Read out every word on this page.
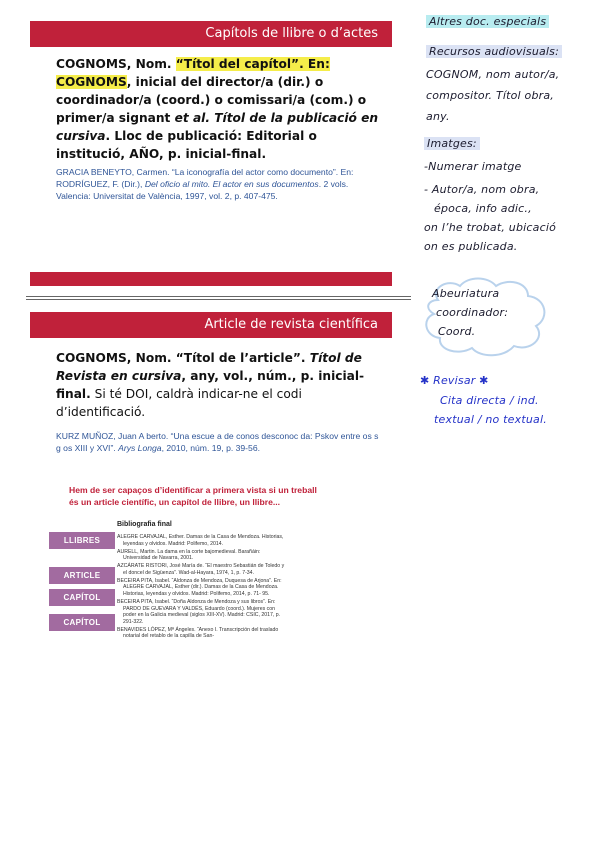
Capítols de llibre o d’actes
COGNOMS, Nom. “Títol del capítol”. En: COGNOMS, inicial del director/a (dir.) o coordinador/a (coord.) o comissari/a (com.) o primer/a signant et al. Títol de la publicació en cursiva. Lloc de publicació: Editorial o institució, AÑO, p. inicial-final.
GRACIA BENEYTO, Carmen. “La iconografía del actor como documento”. En: RODRÍGUEZ, F. (Dir.), Del oficio al mito. El actor en sus documentos. 2 vols. Valencia: Universitat de València, 1997, vol. 2, p. 407-475.
Article de revista científica
COGNOMS, Nom. “Títol de l’article”. Títol de Revista en cursiva, any, vol., núm., p. inicial-final. Si té DOI, caldrà indicar-ne el codi d’identificació.
KURZ MUÑOZ, Juan A berto. “Una escue a de conos desconoc da: Pskov entre os s g os XIII y XVI”. Arys Longa, 2010, núm. 19, p. 39-56.
Hem de ser capaços d’identificar a primera vista si un treball
és un article científic, un capítol de llibre, un llibre...
LLIBRES
ARTICLE
CAPÍTOL
CAPÍTOL
Bibliografia final

ALEGRE CARVAJAL, Esther. Damas de la Casa de Mendoza. Historias, leyendas y olvidos. Madrid: Polifemo, 2014.

AURELL, Martin. La dama en la corte bajomedieval. Barañáin: Universidad de Navarra, 2001.

AZCÁRATE RISTORI, José María de. “El maestro Sebastián de Toledo y el doncel de Sigüenza”. Wad-al-Hayara, 1974, 1, p. 7-34.

BECEIRA PITA, Isabel. “Aldonza de Mendoza, Duquesa de Arjona”. En: ALEGRE CARVAJAL, Esther (dir.). Damas de la Casa de Mendoza. Historias, leyendas y olvidos. Madrid: Polifemo, 2014, p. 71- 95.

BECEIRA PITA, Isabel. “Doña Aldonza de Mendoza y sus libros”. En: PARDO DE GUEVARA Y VALDÉS, Eduardo (coord.). Mujeres con poder en la Galicia medieval (siglos XIII-XV). Madrid: CSIC, 2017, p. 291-322.

BENAVIDES LÓPEZ, Mª Ángeles. “Anexo I. Transcripción del traslado notarial del retablo de la capilla de San-

Altres doc. especials
Recursos audiovisuals:
COGNOM, nom autor/a,
compositor. Títol obra,
any.
Imatges:
-Numerar imatge
- Autor/a, nom obra,
época, info adic.,
on l’he trobat, ubicació
on es publicada.
Abeuriatura
coordinador:
Coord.
✱ Revisar ✱
Cita directa / ind.
textual / no textual.
